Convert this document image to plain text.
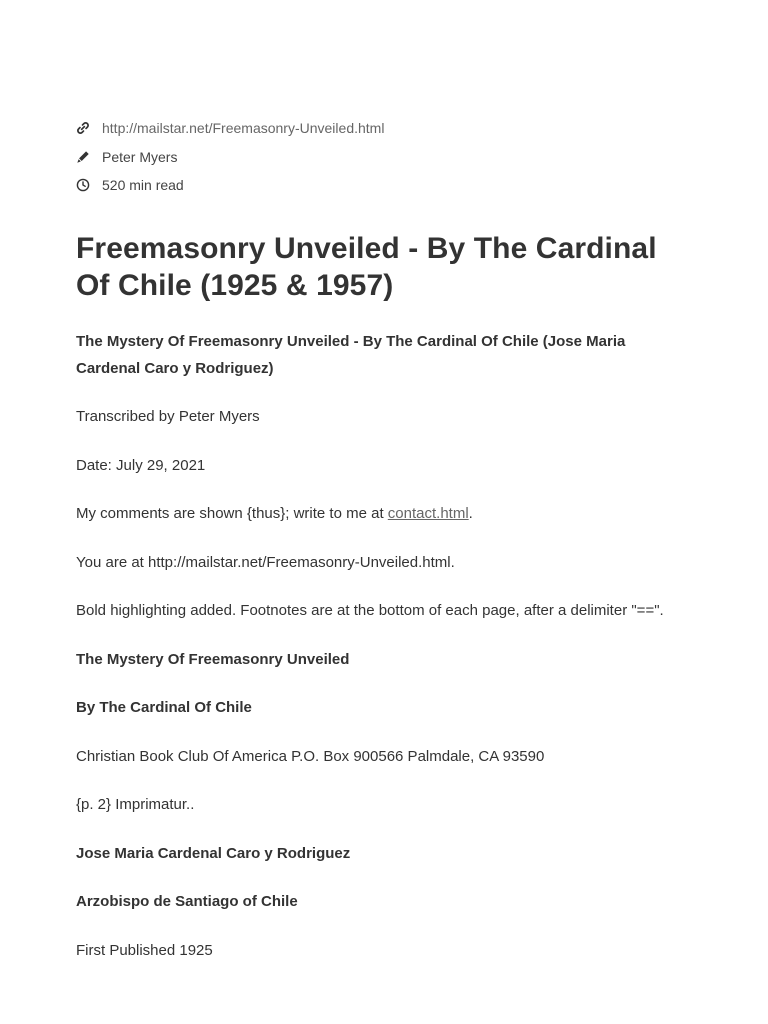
http://mailstar.net/Freemasonry-Unveiled.html
Peter Myers
520 min read
Freemasonry Unveiled - By The Cardinal Of Chile (1925 & 1957)

The Mystery Of Freemasonry Unveiled - By The Cardinal Of Chile (Jose Maria Cardenal Caro y Rodriguez)

Transcribed by Peter Myers

Date: July 29, 2021

My comments are shown {thus}; write to me at contact.html.

You are at http://mailstar.net/Freemasonry-Unveiled.html.

Bold highlighting added. Footnotes are at the bottom of each page, after a delimiter "==".

The Mystery Of Freemasonry Unveiled

By The Cardinal Of Chile

Christian Book Club Of America P.O. Box 900566 Palmdale, CA 93590

{p. 2} Imprimatur..

Jose Maria Cardenal Caro y Rodriguez

Arzobispo de Santiago of Chile

First Published 1925
